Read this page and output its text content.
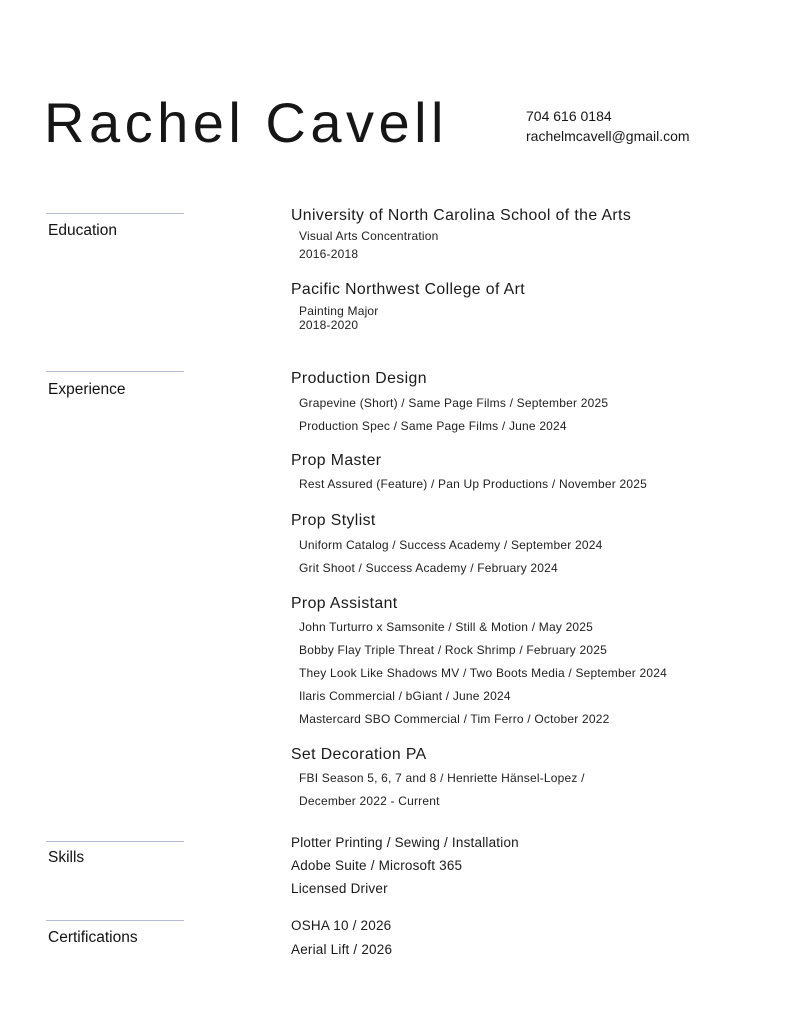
Rachel Cavell	704 616 0184
rachelmcavell@gmail.com
Education
Experience
Skills
Certifications
University of North Carolina School of the Arts
Visual Arts Concentration
2016-2018
Pacific Northwest College of Art
Painting Major
2018-2020
Production Design
Grapevine (Short) / Same Page Films / September 2025
Production Spec / Same Page Films / June 2024
Prop Master
Rest Assured (Feature) / Pan Up Productions / November 2025
Prop Stylist
Uniform Catalog / Success Academy / September 2024
Grit Shoot / Success Academy / February 2024
Prop Assistant
John Turturro x Samsonite / Still & Motion / May 2025
Bobby Flay Triple Threat / Rock Shrimp / February 2025
They Look Like Shadows MV / Two Boots Media / September 2024
Ilaris Commercial / bGiant / June 2024
Mastercard SBO Commercial / Tim Ferro / October 2022
Set Decoration PA
FBI Season 5, 6, 7 and 8 / Henriette Hänsel-Lopez /
December 2022 - Current
Plotter Printing / Sewing / Installation
Adobe Suite / Microsoft 365
Licensed Driver
OSHA 10 / 2026
Aerial Lift / 2026
